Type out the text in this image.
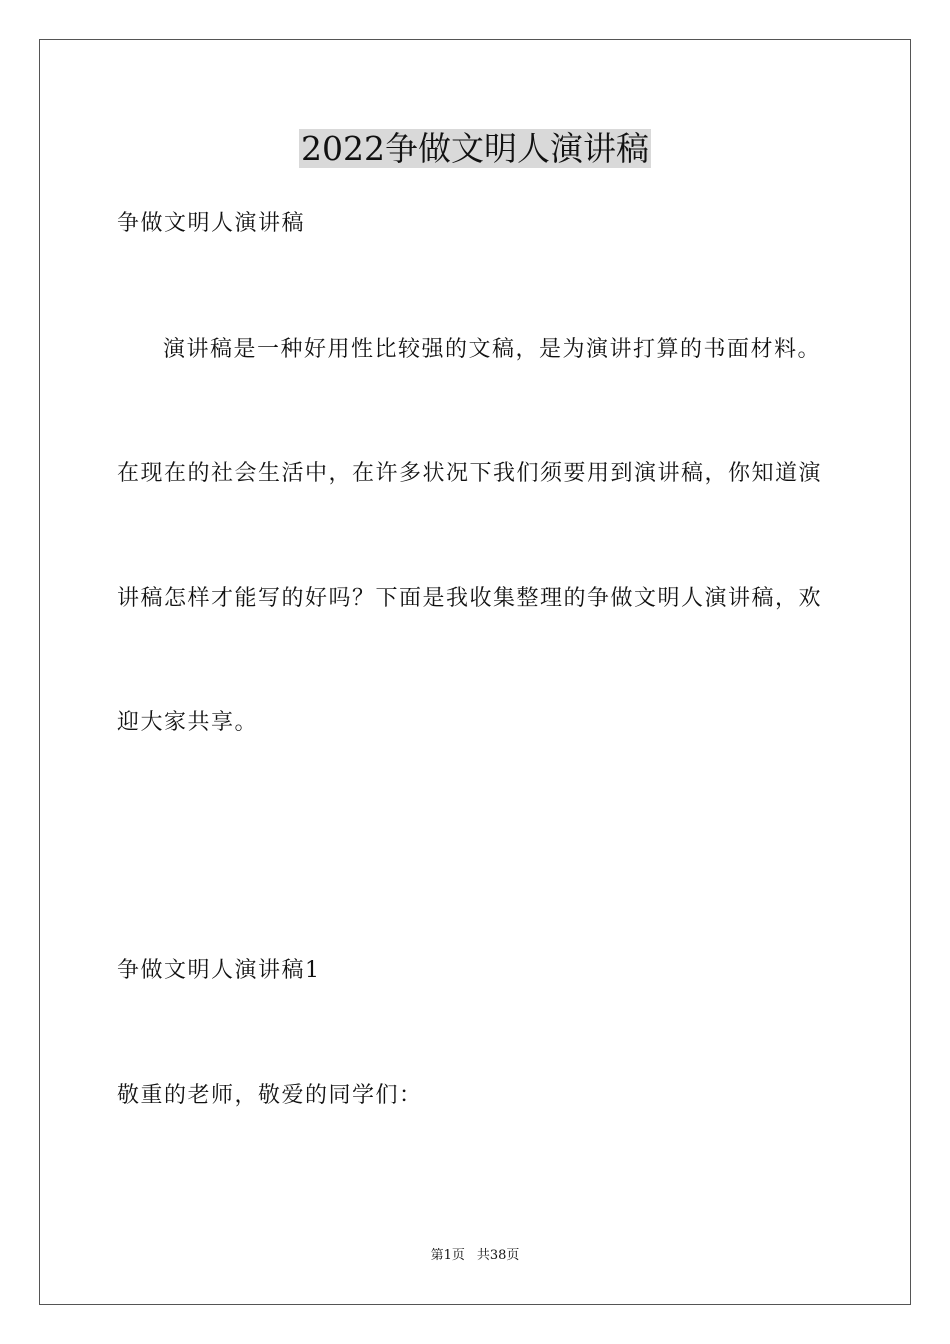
2022争做文明人演讲稿

争做文明人演讲稿

演讲稿是一种好用性比较强的文稿，是为演讲打算的书面材料。

在现在的社会生活中，在许多状况下我们须要用到演讲稿，你知道演

讲稿怎样才能写的好吗？下面是我收集整理的争做文明人演讲稿，欢

迎大家共享。

争做文明人演讲稿1

敬重的老师，敬爱的同学们：

第1页 共38页
